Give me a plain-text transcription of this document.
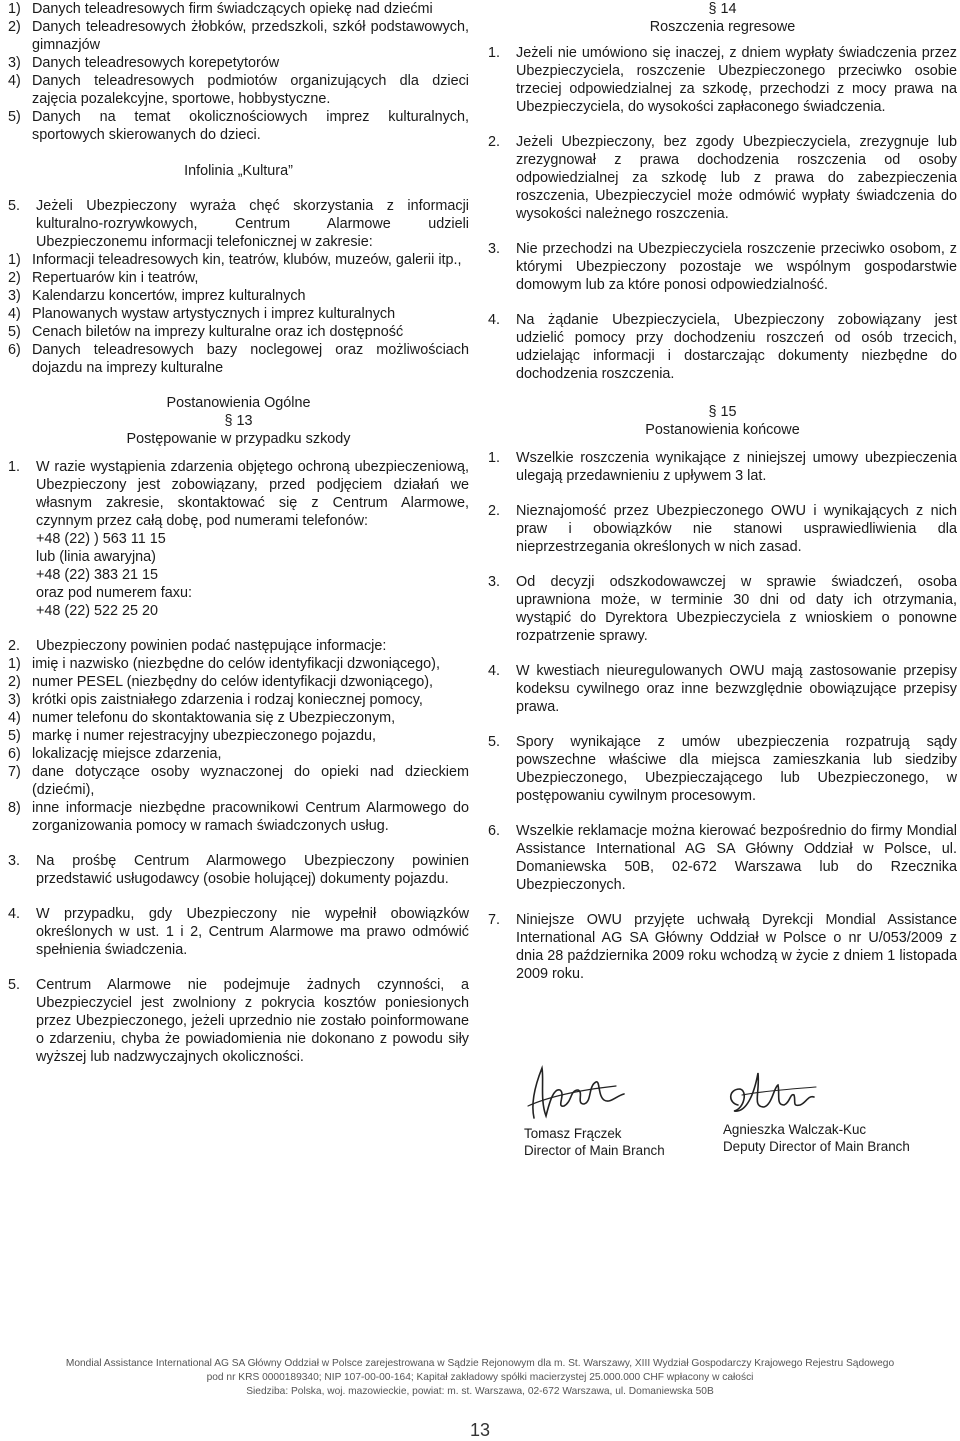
1) Danych teleadresowych firm świadczących opiekę nad dziećmi
2) Danych teleadresowych żłobków, przedszkoli, szkół podstawowych, gimnazjów
3) Danych teleadresowych korepetytorów
4) Danych teleadresowych podmiotów organizujących dla dzieci zajęcia pozalekcyjne, sportowe, hobbystyczne.
5) Danych na temat okolicznościowych imprez kulturalnych, sportowych skierowanych do dzieci.

Infolinia „Kultura”

5.	Jeżeli Ubezpieczony wyraża chęć skorzystania z informacji kulturalno-rozrywkowych, Centrum Alarmowe udzieli Ubezpieczonemu informacji telefonicznej w zakresie:

1) Informacji teleadresowych kin, teatrów, klubów, muzeów, galerii itp.,
2) Repertuarów kin i teatrów,
3) Kalendarzu koncertów, imprez kulturalnych
4) Planowanych wystaw artystycznych i imprez kulturalnych
5) Cenach biletów na imprezy kulturalne oraz ich dostępność
6) Danych teleadresowych bazy noclegowej oraz możliwościach dojazdu na imprezy kulturalne

Postanowienia Ogólne

§ 13

Postępowanie w przypadku szkody

1.	W razie wystąpienia zdarzenia objętego ochroną ubezpieczeniową, Ubezpieczony jest zobowiązany, przed podjęciem działań we własnym zakresie, skontaktować się z Centrum Alarmowe, czynnym przez całą dobę, pod numerami telefonów:

+48 (22) ) 563 11 15
lub (linia awaryjna)
+48 (22) 383 21 15
oraz pod numerem faxu:
+48 (22) 522 25 20
2.	Ubezpieczony powinien podać następujące informacje:

1) imię i nazwisko (niezbędne do celów identyfikacji dzwoniącego),
2) numer PESEL (niezbędny do celów identyfikacji dzwoniącego),
3) krótki opis zaistniałego zdarzenia i rodzaj koniecznej pomocy,
4) numer telefonu do skontaktowania się z Ubezpieczonym,
5) markę i numer rejestracyjny ubezpieczonego pojazdu,
6) lokalizację miejsce zdarzenia,
7) dane dotyczące osoby wyznaczonej do opieki nad dzieckiem (dziećmi),
8) inne informacje niezbędne pracownikowi Centrum Alarmowego do zorganizowania pomocy w ramach świadczonych usług.
3.	Na prośbę Centrum Alarmowego Ubezpieczony powinien przedstawić usługodawcy (osobie holującej) dokumenty pojazdu.

4.	W przypadku, gdy Ubezpieczony nie wypełnił obowiązków określonych w ust. 1 i 2, Centrum Alarmowe ma prawo odmówić spełnienia świadczenia.

5.	Centrum Alarmowe nie podejmuje żadnych czynności, a Ubezpieczyciel jest zwolniony z pokrycia kosztów poniesionych przez Ubezpieczonego, jeżeli uprzednio nie zostało poinformowane o zdarzeniu, chyba że powiadomienia nie dokonano z powodu siły wyższej lub nadzwyczajnych okoliczności.

§ 14

Roszczenia regresowe

1.	Jeżeli nie umówiono się inaczej, z dniem wypłaty świadczenia przez Ubezpieczyciela, roszczenie Ubezpieczonego przeciwko osobie trzeciej odpowiedzialnej za szkodę, przechodzi z mocy prawa na Ubezpieczyciela, do wysokości zapłaconego świadczenia.

2.	Jeżeli Ubezpieczony, bez zgody Ubezpieczyciela, zrezygnuje lub zrezygnował z prawa dochodzenia roszczenia od osoby odpowiedzialnej za szkodę lub z prawa do zabezpieczenia roszczenia, Ubezpieczyciel może odmówić wypłaty świadczenia do wysokości należnego roszczenia.

3.	Nie przechodzi na Ubezpieczyciela roszczenie przeciwko osobom, z którymi Ubezpieczony pozostaje we wspólnym gospodarstwie domowym lub za które ponosi odpowiedzialność.

4.	Na żądanie Ubezpieczyciela, Ubezpieczony zobowiązany jest udzielić pomocy przy dochodzeniu roszczeń od osób trzecich, udzielając informacji i dostarczając dokumenty niezbędne do dochodzenia roszczenia.

§ 15

Postanowienia końcowe

1.	Wszelkie roszczenia wynikające z niniejszej umowy ubezpieczenia ulegają przedawnieniu z upływem 3 lat.

2.	Nieznajomość przez Ubezpieczonego OWU i wynikających z nich praw i obowiązków nie stanowi usprawiedliwienia dla nieprzestrzegania określonych w nich zasad.

3.	Od decyzji odszkodowawczej w sprawie świadczeń, osoba uprawniona może, w terminie 30 dni od daty ich otrzymania, wystąpić do Dyrektora Ubezpieczyciela z wnioskiem o ponowne rozpatrzenie sprawy.

4.	W kwestiach nieuregulowanych OWU mają zastosowanie przepisy kodeksu cywilnego oraz inne bezwzględnie obowiązujące przepisy prawa.

5.	Spory wynikające z umów ubezpieczenia rozpatrują sądy powszechne właściwe dla miejsca zamieszkania lub siedziby Ubezpieczonego, Ubezpieczającego lub Ubezpieczonego, w postępowaniu cywilnym procesowym.

6.	Wszelkie reklamacje można kierować bezpośrednio do firmy Mondial Assistance International AG SA Główny Oddział w Polsce, ul. Domaniewska 50B, 02-672 Warszawa lub do Rzecznika Ubezpieczonych.

7.	Niniejsze OWU przyjęte uchwałą Dyrekcji Mondial Assistance International AG SA Główny Oddział w Polsce o nr U/053/2009 z dnia 28 października 2009 roku wchodzą w życie z dniem 1 listopada 2009 roku.

Tomasz Frączek
Director of Main Branch
Agnieszka Walczak-Kuc
Deputy Director of Main Branch
Mondial Assistance International AG SA Główny Oddział w Polsce zarejestrowana w Sądzie Rejonowym dla m. St. Warszawy, XIII Wydział Gospodarczy Krajowego Rejestru Sądowego
pod nr KRS 0000189340; NIP 107-00-00-164; Kapitał zakładowy spółki macierzystej 25.000.000 CHF wpłacony w całości
Siedziba: Polska, woj. mazowieckie, powiat: m. st. Warszawa, 02-672 Warszawa, ul. Domaniewska 50B
13
